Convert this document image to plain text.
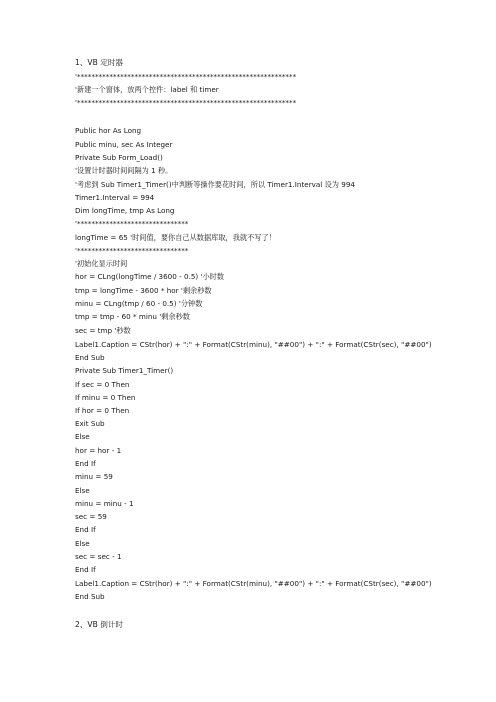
1、VB 定时器
'*************************************************************
'新建一个窗体，放两个控件：label 和 timer
'*************************************************************
Public hor As Long
Public minu, sec As Integer
Private Sub Form_Load()
'设置计时器时间间隔为 1 秒。
'考虑到 Sub Timer1_Timer()中判断等操作要花时间，所以 Timer1.Interval 设为 994
Timer1.Interval = 994
Dim longTime, tmp As Long
'*******************************
longTime = 65 '时间值，要你自己从数据库取，我就不写了！
'*******************************
'初始化显示时间
hor = CLng(longTime / 3600 - 0.5) '小时数
tmp = longTime - 3600 * hor '剩余秒数
minu = CLng(tmp / 60 - 0.5) '分钟数
tmp = tmp - 60 * minu '剩余秒数
sec = tmp '秒数
Label1.Caption = CStr(hor) + ":" + Format(CStr(minu), "##00") + ":" + Format(CStr(sec), "##00")
End Sub
Private Sub Timer1_Timer()
If sec = 0 Then
If minu = 0 Then
If hor = 0 Then
Exit Sub
Else
hor = hor - 1
End If
minu = 59
Else
minu = minu - 1
sec = 59
End If
Else
sec = sec - 1
End If
Label1.Caption = CStr(hor) + ":" + Format(CStr(minu), "##00") + ":" + Format(CStr(sec), "##00")
End Sub
2、VB 倒计时
